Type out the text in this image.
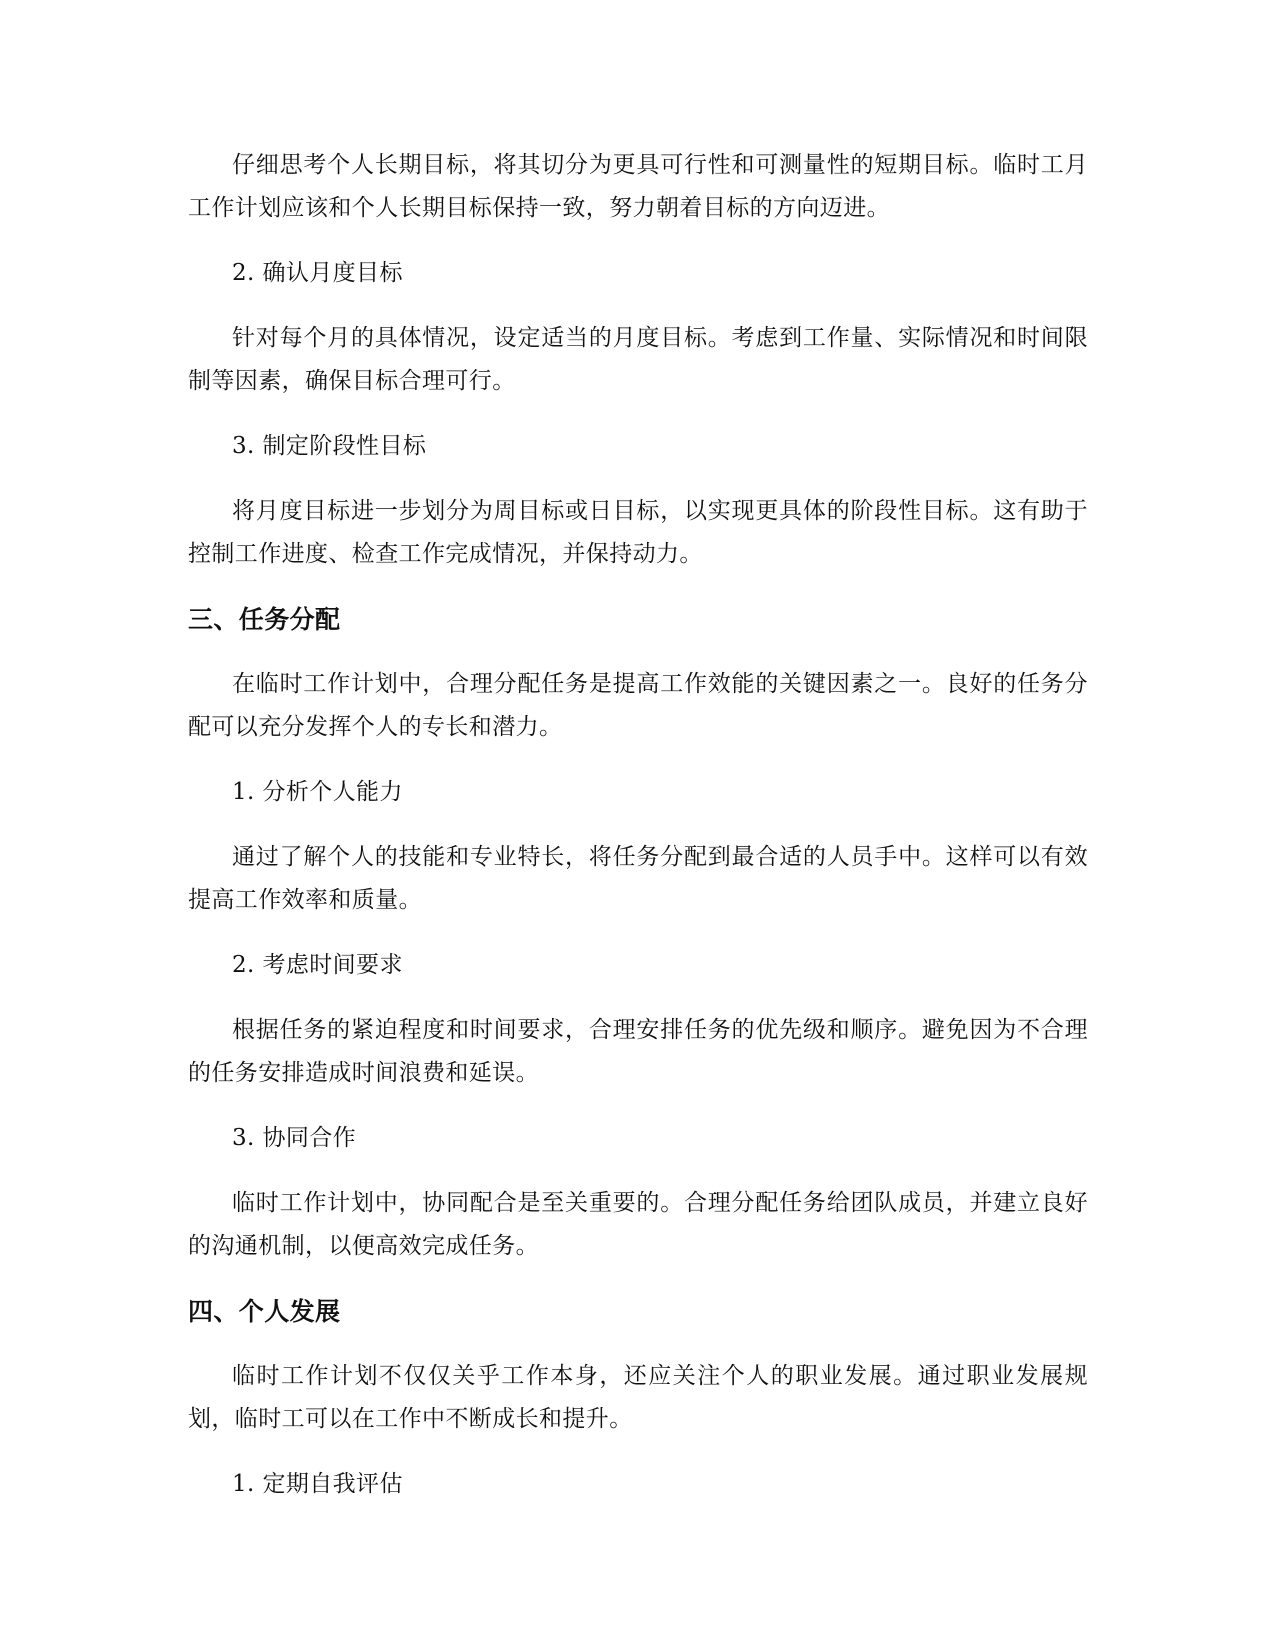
仔细思考个人长期目标，将其切分为更具可行性和可测量性的短期目标。临时工月工作计划应该和个人长期目标保持一致，努力朝着目标的方向迈进。

2. 确认月度目标

针对每个月的具体情况，设定适当的月度目标。考虑到工作量、实际情况和时间限制等因素，确保目标合理可行。

3. 制定阶段性目标

将月度目标进一步划分为周目标或日目标，以实现更具体的阶段性目标。这有助于控制工作进度、检查工作完成情况，并保持动力。

三、任务分配

在临时工作计划中，合理分配任务是提高工作效能的关键因素之一。良好的任务分配可以充分发挥个人的专长和潜力。

1. 分析个人能力

通过了解个人的技能和专业特长，将任务分配到最合适的人员手中。这样可以有效提高工作效率和质量。

2. 考虑时间要求

根据任务的紧迫程度和时间要求，合理安排任务的优先级和顺序。避免因为不合理的任务安排造成时间浪费和延误。

3. 协同合作

临时工作计划中，协同配合是至关重要的。合理分配任务给团队成员，并建立良好的沟通机制，以便高效完成任务。

四、个人发展

临时工作计划不仅仅关乎工作本身，还应关注个人的职业发展。通过职业发展规划，临时工可以在工作中不断成长和提升。

1. 定期自我评估
